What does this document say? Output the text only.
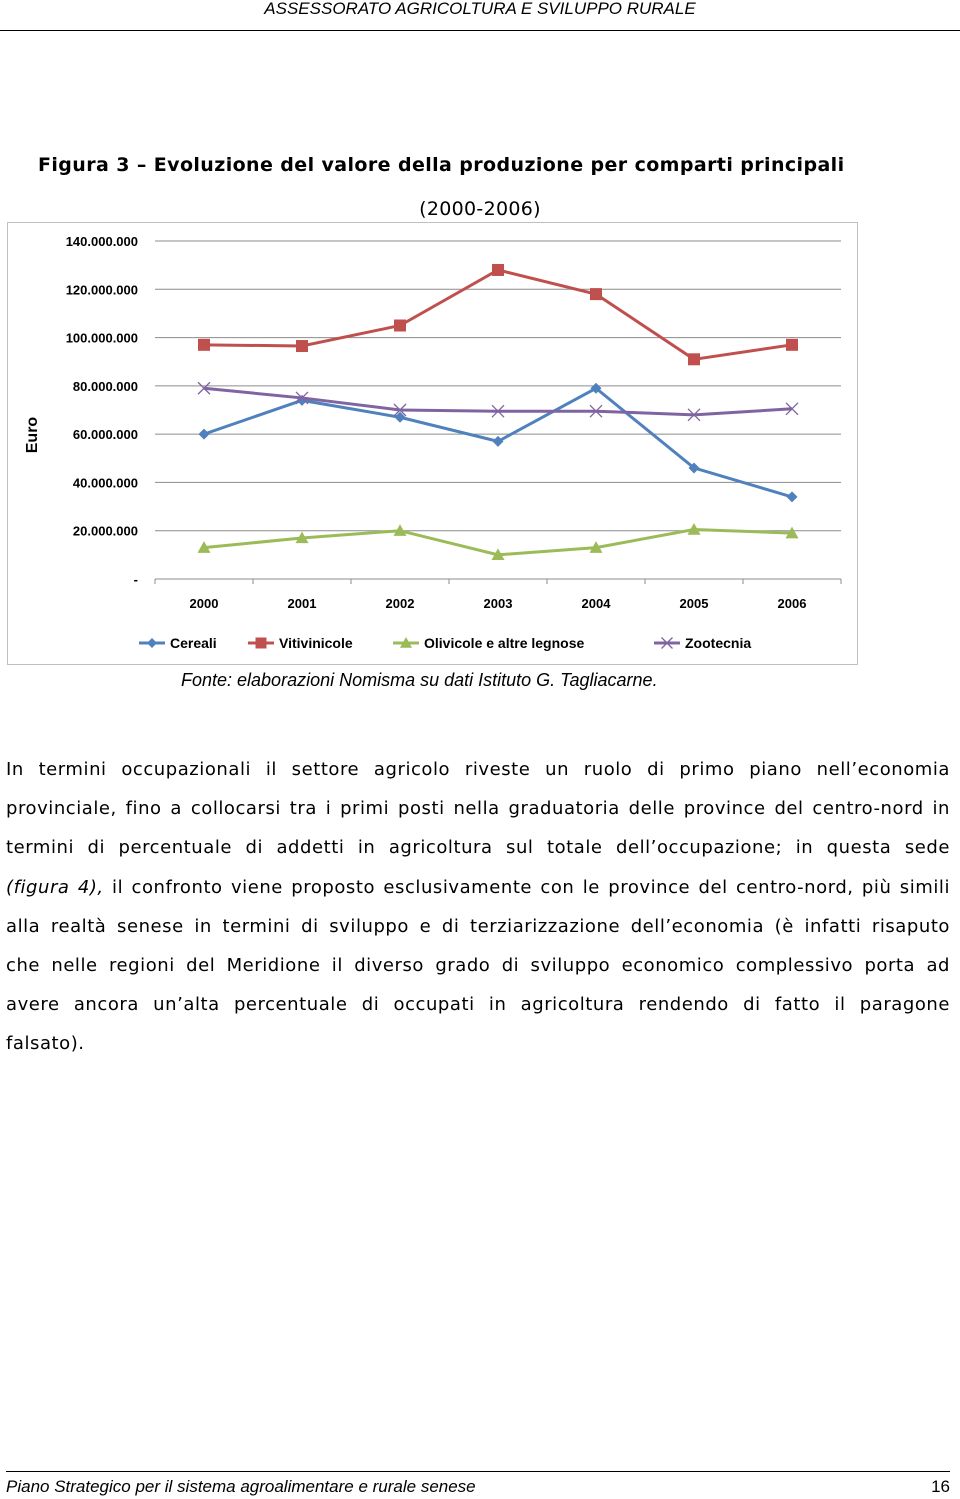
ASSESSORATO AGRICOLTURA E SVILUPPO RURALE
Figura 3 – Evoluzione del valore della produzione per comparti principali
(2000-2006)
-
20.000.000
40.000.000
60.000.000
80.000.000
100.000.000
120.000.000
140.000.000
2000	2001	2002	2003	2004	2005	2006
Euro
Cereali	Vitivinicole	Olivicole e altre legnose	Zootecnia
Fonte: elaborazioni Nomisma su dati Istituto G. Tagliacarne.
In termini occupazionali il settore agricolo riveste un ruolo di primo piano nell’economia provinciale, fino a collocarsi tra i primi posti nella graduatoria delle province del centro-nord in termini di percentuale di addetti in agricoltura sul totale dell’occupazione; in questa sede (figura 4), il confronto viene proposto esclusivamente con le province del centro-nord, più simili alla realtà senese in termini di sviluppo e di terziarizzazione dell’economia (è infatti risaputo che nelle regioni del Meridione il diverso grado di sviluppo economico complessivo porta ad avere ancora un’alta percentuale di occupati in agricoltura rendendo di fatto il paragone falsato).
Piano Strategico per il sistema agroalimentare e rurale senese	16
